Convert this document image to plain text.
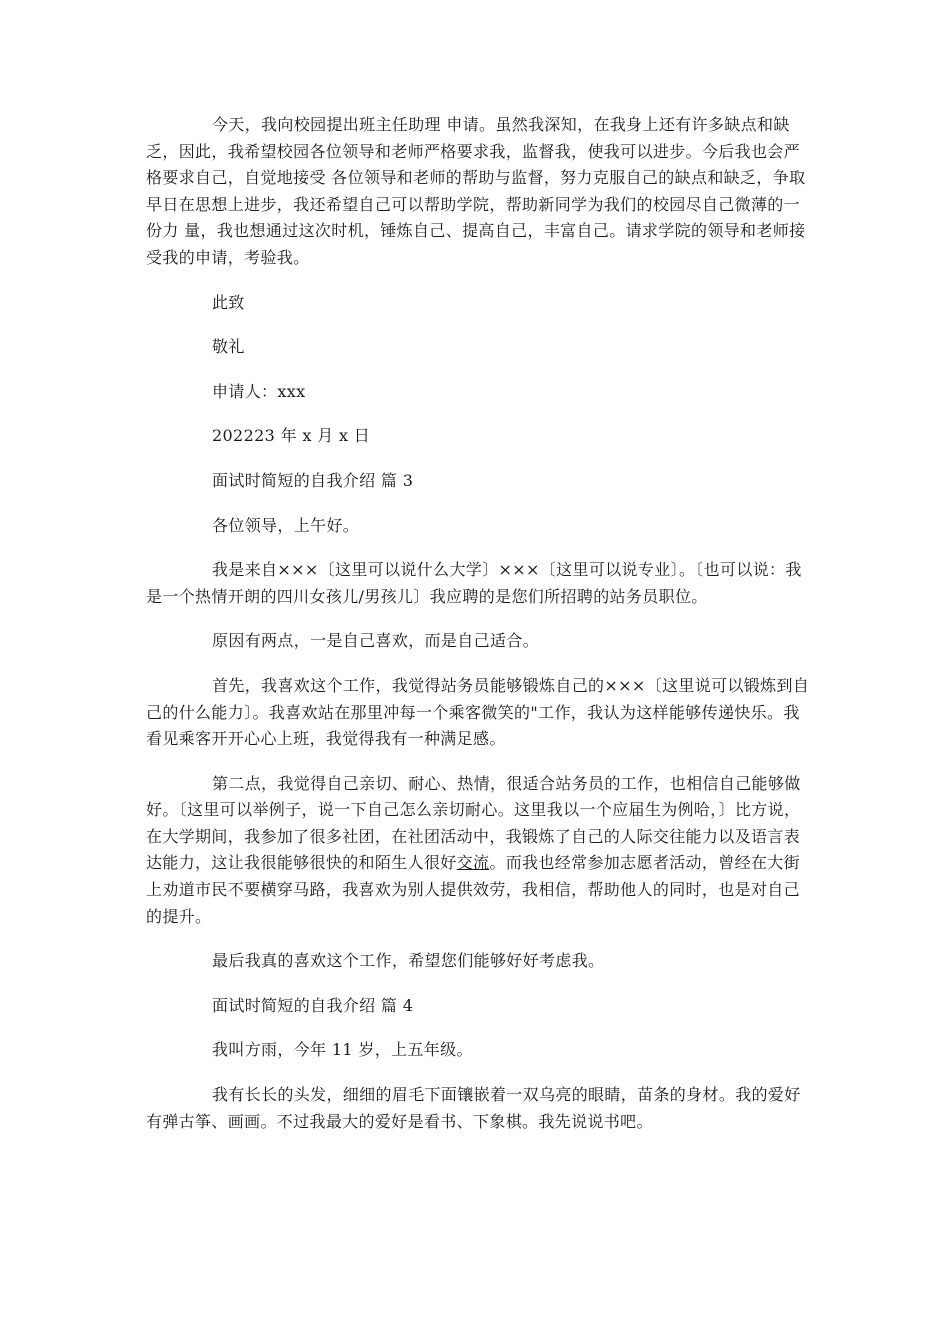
今天，我向校园提出班主任助理 申请。虽然我深知，在我身上还有许多缺点和缺乏，因此，我希望校园各位领导和老师严格要求我，监督我，使我可以进步。今后我也会严格要求自己，自觉地接受 各位领导和老师的帮助与监督，努力克服自己的缺点和缺乏，争取早日在思想上进步，我还希望自己可以帮助学院，帮助新同学为我们的校园尽自己微薄的一份力 量，我也想通过这次时机，锤炼自己、提高自己，丰富自己。请求学院的领导和老师接受我的申请，考验我。

此致

敬礼

申请人：xxx

202223 年 x 月 x 日

面试时简短的自我介绍 篇 3

各位领导，上午好。

我是来自×××〔这里可以说什么大学〕×××〔这里可以说专业〕。〔也可以说：我是一个热情开朗的四川女孩儿/男孩儿〕我应聘的是您们所招聘的站务员职位。

原因有两点，一是自己喜欢，而是自己适合。

首先，我喜欢这个工作，我觉得站务员能够锻炼自己的×××〔这里说可以锻炼到自己的什么能力〕。我喜欢站在那里冲每一个乘客微笑的"工作，我认为这样能够传递快乐。我看见乘客开开心心上班，我觉得我有一种满足感。

第二点，我觉得自己亲切、耐心、热情，很适合站务员的工作，也相信自己能够做好。〔这里可以举例子，说一下自己怎么亲切耐心。这里我以一个应届生为例哈，〕比方说，在大学期间，我参加了很多社团，在社团活动中，我锻炼了自己的人际交往能力以及语言表达能力，这让我很能够很快的和陌生人很好交流。而我也经常参加志愿者活动，曾经在大街上劝道市民不要横穿马路，我喜欢为别人提供效劳，我相信，帮助他人的同时，也是对自己的提升。

最后我真的喜欢这个工作，希望您们能够好好考虑我。

面试时简短的自我介绍 篇 4

我叫方雨，今年 11 岁，上五年级。

我有长长的头发，细细的眉毛下面镶嵌着一双乌亮的眼睛，苗条的身材。我的爱好有弹古筝、画画。不过我最大的爱好是看书、下象棋。我先说说书吧。
